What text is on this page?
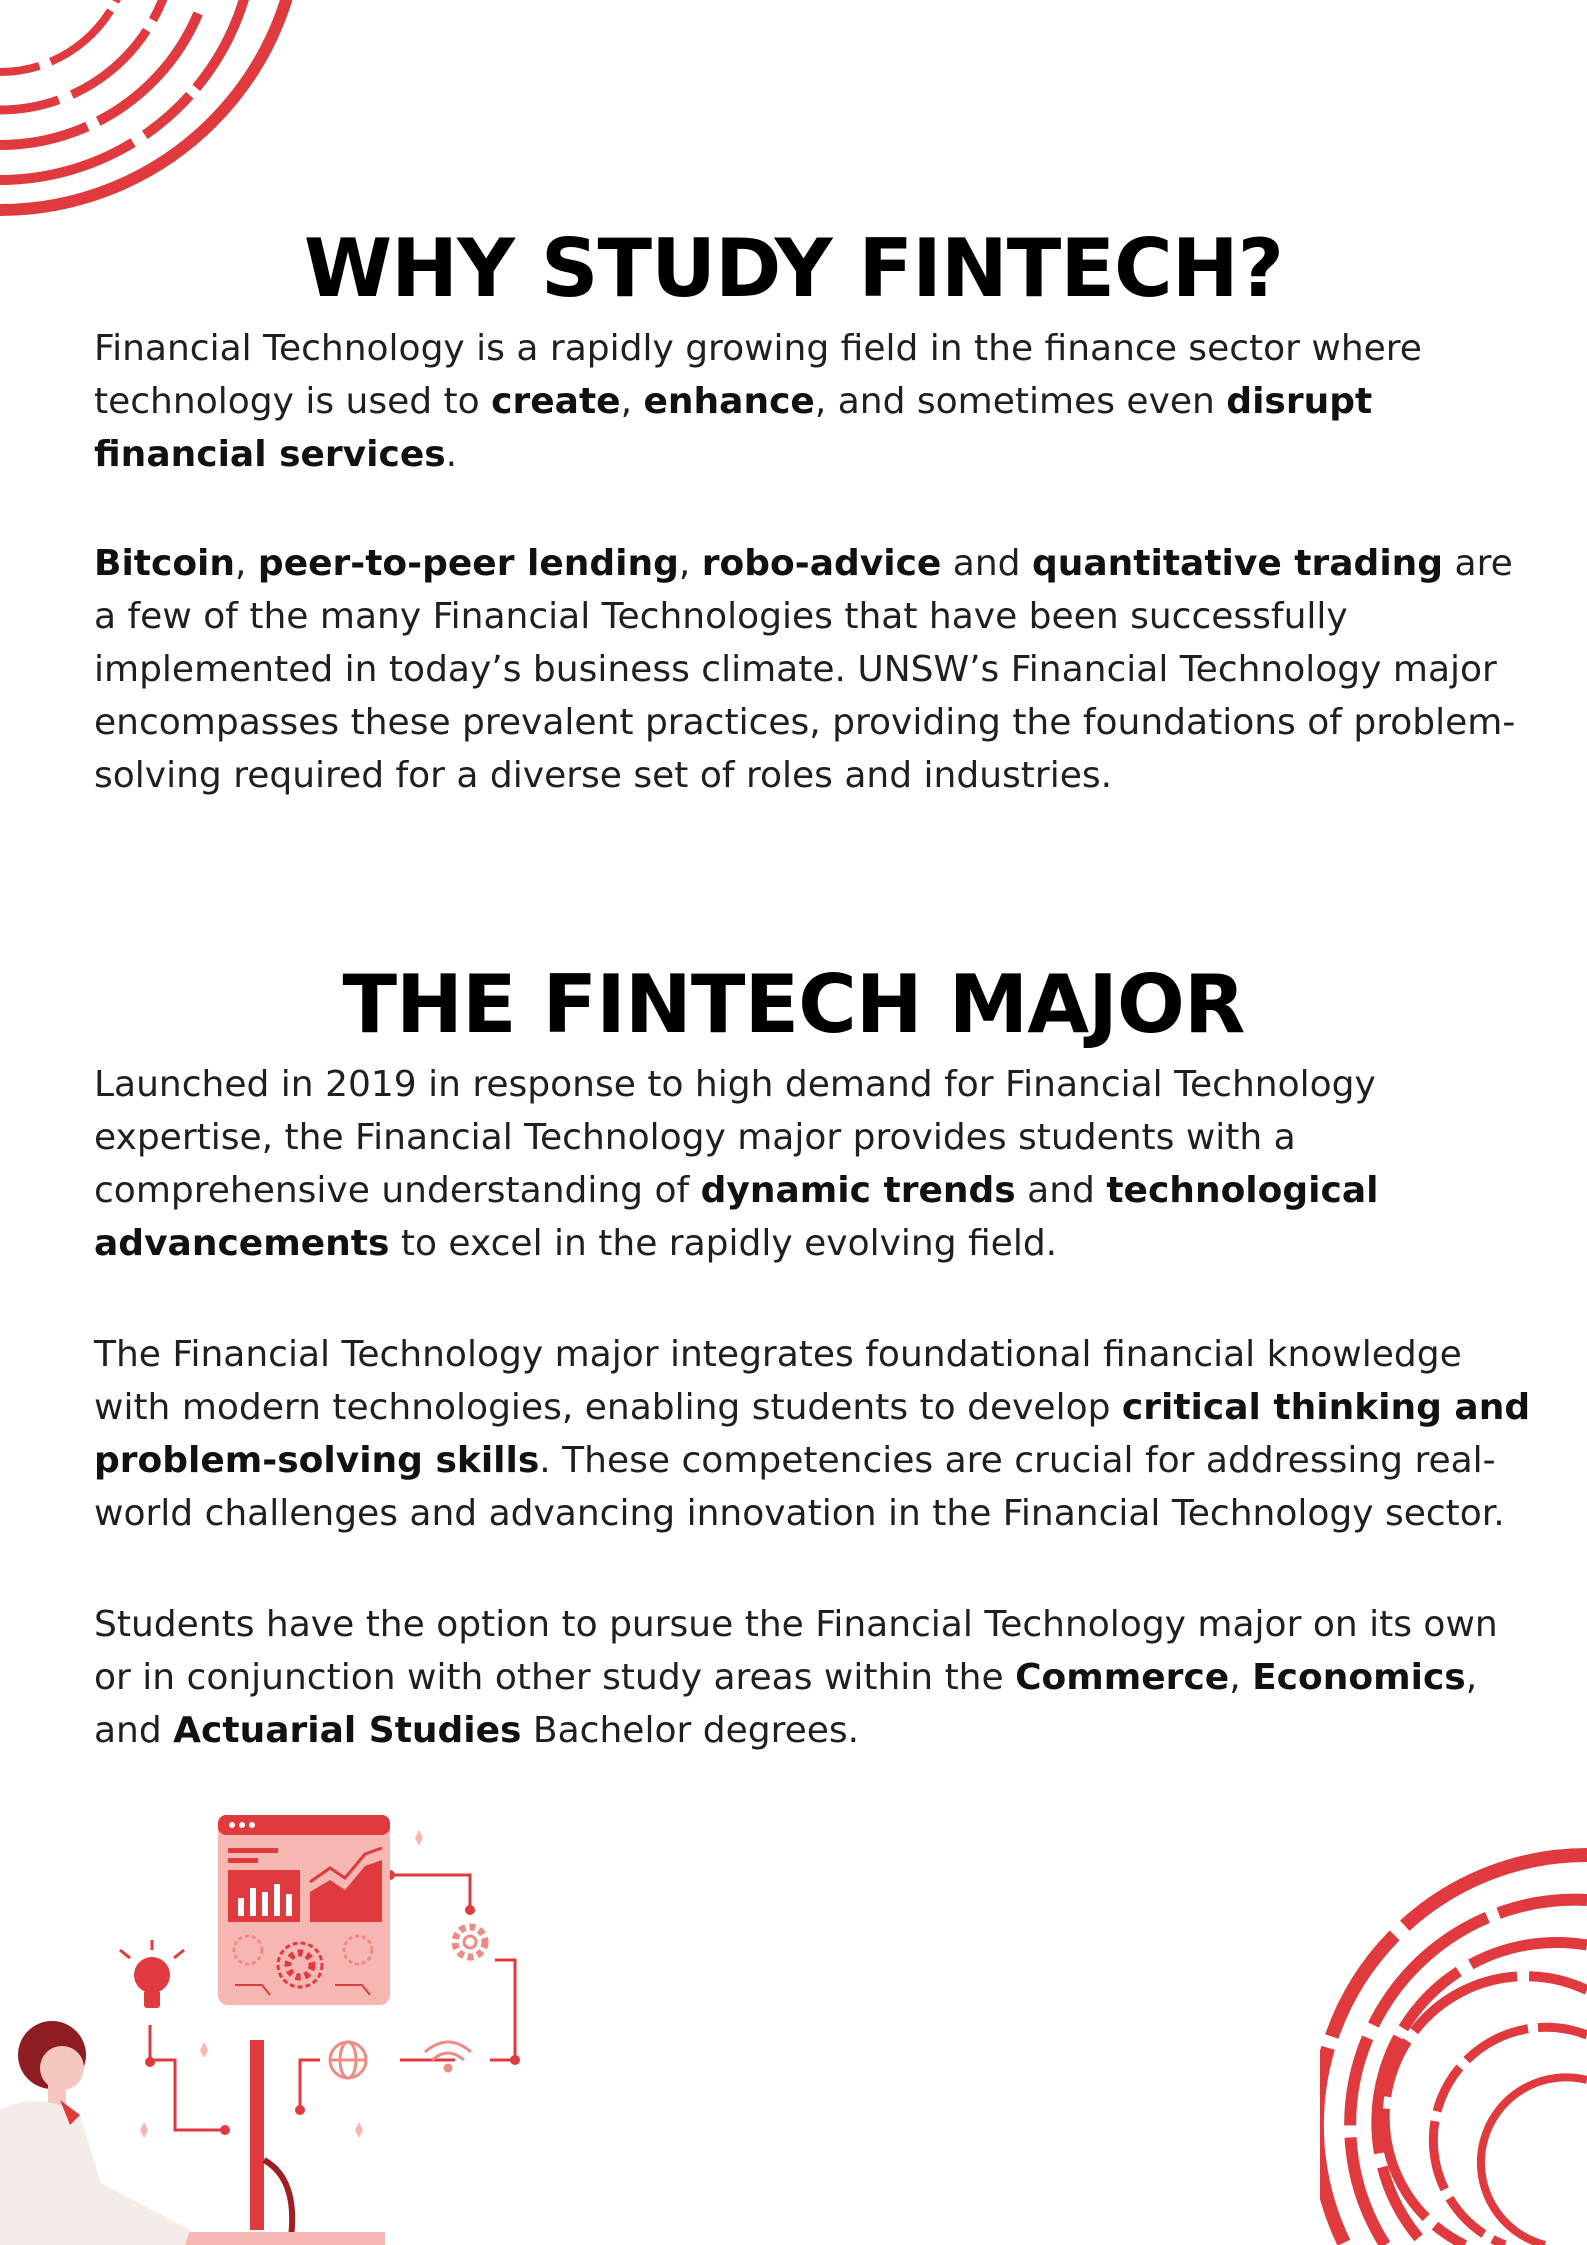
WHY STUDY FINTECH?

Financial Technology is a rapidly growing field in the finance sector where technology is used to create, enhance, and sometimes even disrupt financial services.

Bitcoin, peer-to-peer lending, robo-advice and quantitative trading are a few of the many Financial Technologies that have been successfully implemented in today’s business climate. UNSW’s Financial Technology major encompasses these prevalent practices, providing the foundations of problem-solving required for a diverse set of roles and industries.

THE FINTECH MAJOR

Launched in 2019 in response to high demand for Financial Technology expertise, the Financial Technology major provides students with a comprehensive understanding of dynamic trends and technological advancements to excel in the rapidly evolving field.

The Financial Technology major integrates foundational financial knowledge with modern technologies, enabling students to develop critical thinking and problem-solving skills. These competencies are crucial for addressing real-world challenges and advancing innovation in the Financial Technology sector.

Students have the option to pursue the Financial Technology major on its own or in conjunction with other study areas within the Commerce, Economics, and Actuarial Studies Bachelor degrees.
